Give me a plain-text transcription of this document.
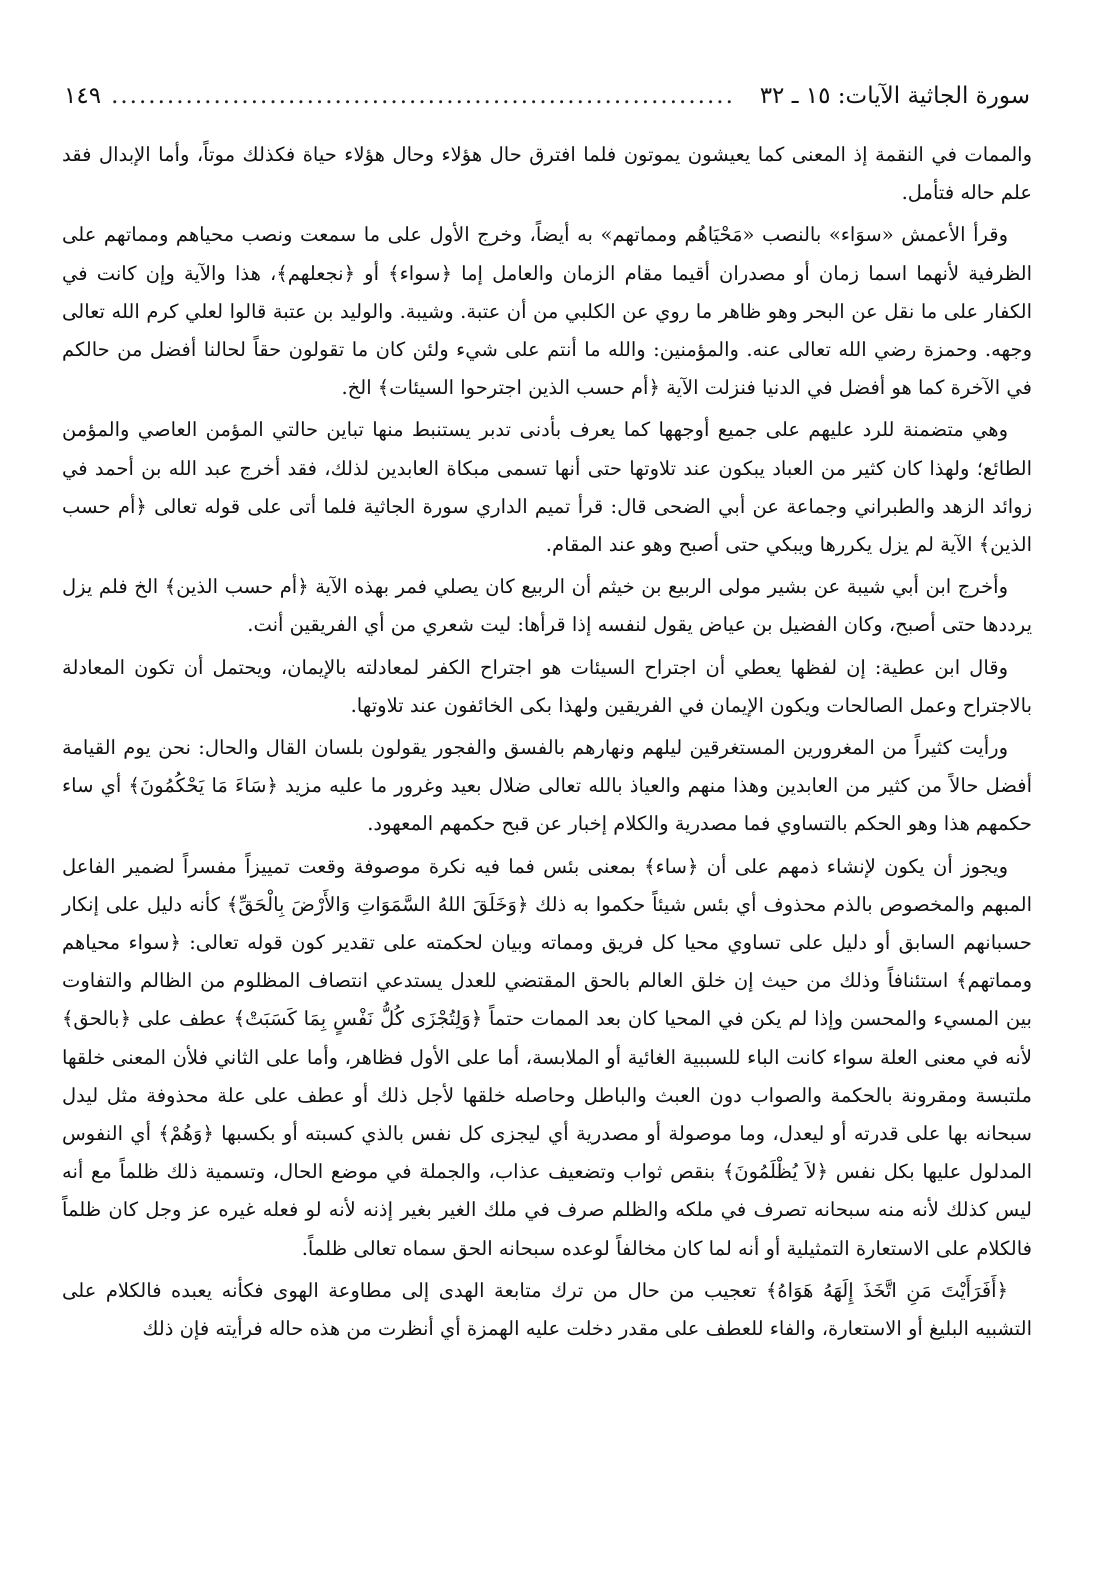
سورة الجاثية الآيات: ١٥ ـ ٣٢
...................................................................
١٤٩

والممات في النقمة إذ المعنى كما يعيشون يموتون فلما افترق حال هؤلاء وحال هؤلاء حياة فكذلك موتاً، وأما الإبدال فقد علم حاله فتأمل.

وقرأ الأعمش «سوَاء» بالنصب «مَحْيَاهُم ومماتهم» به أيضاً، وخرج الأول على ما سمعت ونصب محياهم ومماتهم على الظرفية لأنهما اسما زمان أو مصدران أقيما مقام الزمان والعامل إما ﴿سواء﴾ أو ﴿نجعلهم﴾، هذا والآية وإن كانت في الكفار على ما نقل عن البحر وهو ظاهر ما روي عن الكلبي من أن عتبة. وشيبة. والوليد بن عتبة قالوا لعلي كرم الله تعالى وجهه. وحمزة رضي الله تعالى عنه. والمؤمنين: والله ما أنتم على شيء ولئن كان ما تقولون حقاً لحالنا أفضل من حالكم في الآخرة كما هو أفضل في الدنيا فنزلت الآية ﴿أم حسب الذين اجترحوا السيئات﴾ الخ.

وهي متضمنة للرد عليهم على جميع أوجهها كما يعرف بأدنى تدبر يستنبط منها تباين حالتي المؤمن العاصي والمؤمن الطائع؛ ولهذا كان كثير من العباد يبكون عند تلاوتها حتى أنها تسمى مبكاة العابدين لذلك، فقد أخرج عبد الله بن أحمد في زوائد الزهد والطبراني وجماعة عن أبي الضحى قال: قرأ تميم الداري سورة الجاثية فلما أتى على قوله تعالى ﴿أم حسب الذين﴾ الآية لم يزل يكررها ويبكي حتى أصبح وهو عند المقام.

وأخرج ابن أبي شيبة عن بشير مولى الربيع بن خيثم أن الربيع كان يصلي فمر بهذه الآية ﴿أم حسب الذين﴾ الخ فلم يزل يرددها حتى أصبح، وكان الفضيل بن عياض يقول لنفسه إذا قرأها: ليت شعري من أي الفريقين أنت.

وقال ابن عطية: إن لفظها يعطي أن اجتراح السيئات هو اجتراح الكفر لمعادلته بالإيمان، ويحتمل أن تكون المعادلة بالاجتراح وعمل الصالحات ويكون الإيمان في الفريقين ولهذا بكى الخائفون عند تلاوتها.

ورأيت كثيراً من المغرورين المستغرقين ليلهم ونهارهم بالفسق والفجور يقولون بلسان القال والحال: نحن يوم القيامة أفضل حالاً من كثير من العابدين وهذا منهم والعياذ بالله تعالى ضلال بعيد وغرور ما عليه مزيد ﴿سَاءَ مَا يَحْكُمُونَ﴾ أي ساء حكمهم هذا وهو الحكم بالتساوي فما مصدرية والكلام إخبار عن قبح حكمهم المعهود.

ويجوز أن يكون لإنشاء ذمهم على أن ﴿ساء﴾ بمعنى بئس فما فيه نكرة موصوفة وقعت تمييزاً مفسراً لضمير الفاعل المبهم والمخصوص بالذم محذوف أي بئس شيئاً حكموا به ذلك ﴿وَخَلَقَ اللهُ السَّمَوَاتِ وَالأَرْضَ بِالْحَقِّ﴾ كأنه دليل على إنكار حسبانهم السابق أو دليل على تساوي محيا كل فريق ومماته وبيان لحكمته على تقدير كون قوله تعالى: ﴿سواء محياهم ومماتهم﴾ استئنافاً وذلك من حيث إن خلق العالم بالحق المقتضي للعدل يستدعي انتصاف المظلوم من الظالم والتفاوت بين المسيء والمحسن وإذا لم يكن في المحيا كان بعد الممات حتماً ﴿وَلِتُجْزَى كُلُّ نَفْسٍ بِمَا كَسَبَتْ﴾ عطف على ﴿بالحق﴾ لأنه في معنى العلة سواء كانت الباء للسببية الغائية أو الملابسة، أما على الأول فظاهر، وأما على الثاني فلأن المعنى خلقها ملتبسة ومقرونة بالحكمة والصواب دون العبث والباطل وحاصله خلقها لأجل ذلك أو عطف على علة محذوفة مثل ليدل سبحانه بها على قدرته أو ليعدل، وما موصولة أو مصدرية أي ليجزى كل نفس بالذي كسبته أو بكسبها ﴿وَهُمْ﴾ أي النفوس المدلول عليها بكل نفس ﴿لاَ يُظْلَمُونَ﴾ بنقص ثواب وتضعيف عذاب، والجملة في موضع الحال، وتسمية ذلك ظلماً مع أنه ليس كذلك لأنه منه سبحانه تصرف في ملكه والظلم صرف في ملك الغير بغير إذنه لأنه لو فعله غيره عز وجل كان ظلماً فالكلام على الاستعارة التمثيلية أو أنه لما كان مخالفاً لوعده سبحانه الحق سماه تعالى ظلماً.

﴿أَفَرَأَيْتَ مَنِ اتَّخَذَ إِلَهَهُ هَوَاهُ﴾ تعجيب من حال من ترك متابعة الهدى إلى مطاوعة الهوى فكأنه يعبده فالكلام على التشبيه البليغ أو الاستعارة، والفاء للعطف على مقدر دخلت عليه الهمزة أي أنظرت من هذه حاله فرأيته فإن ذلك
